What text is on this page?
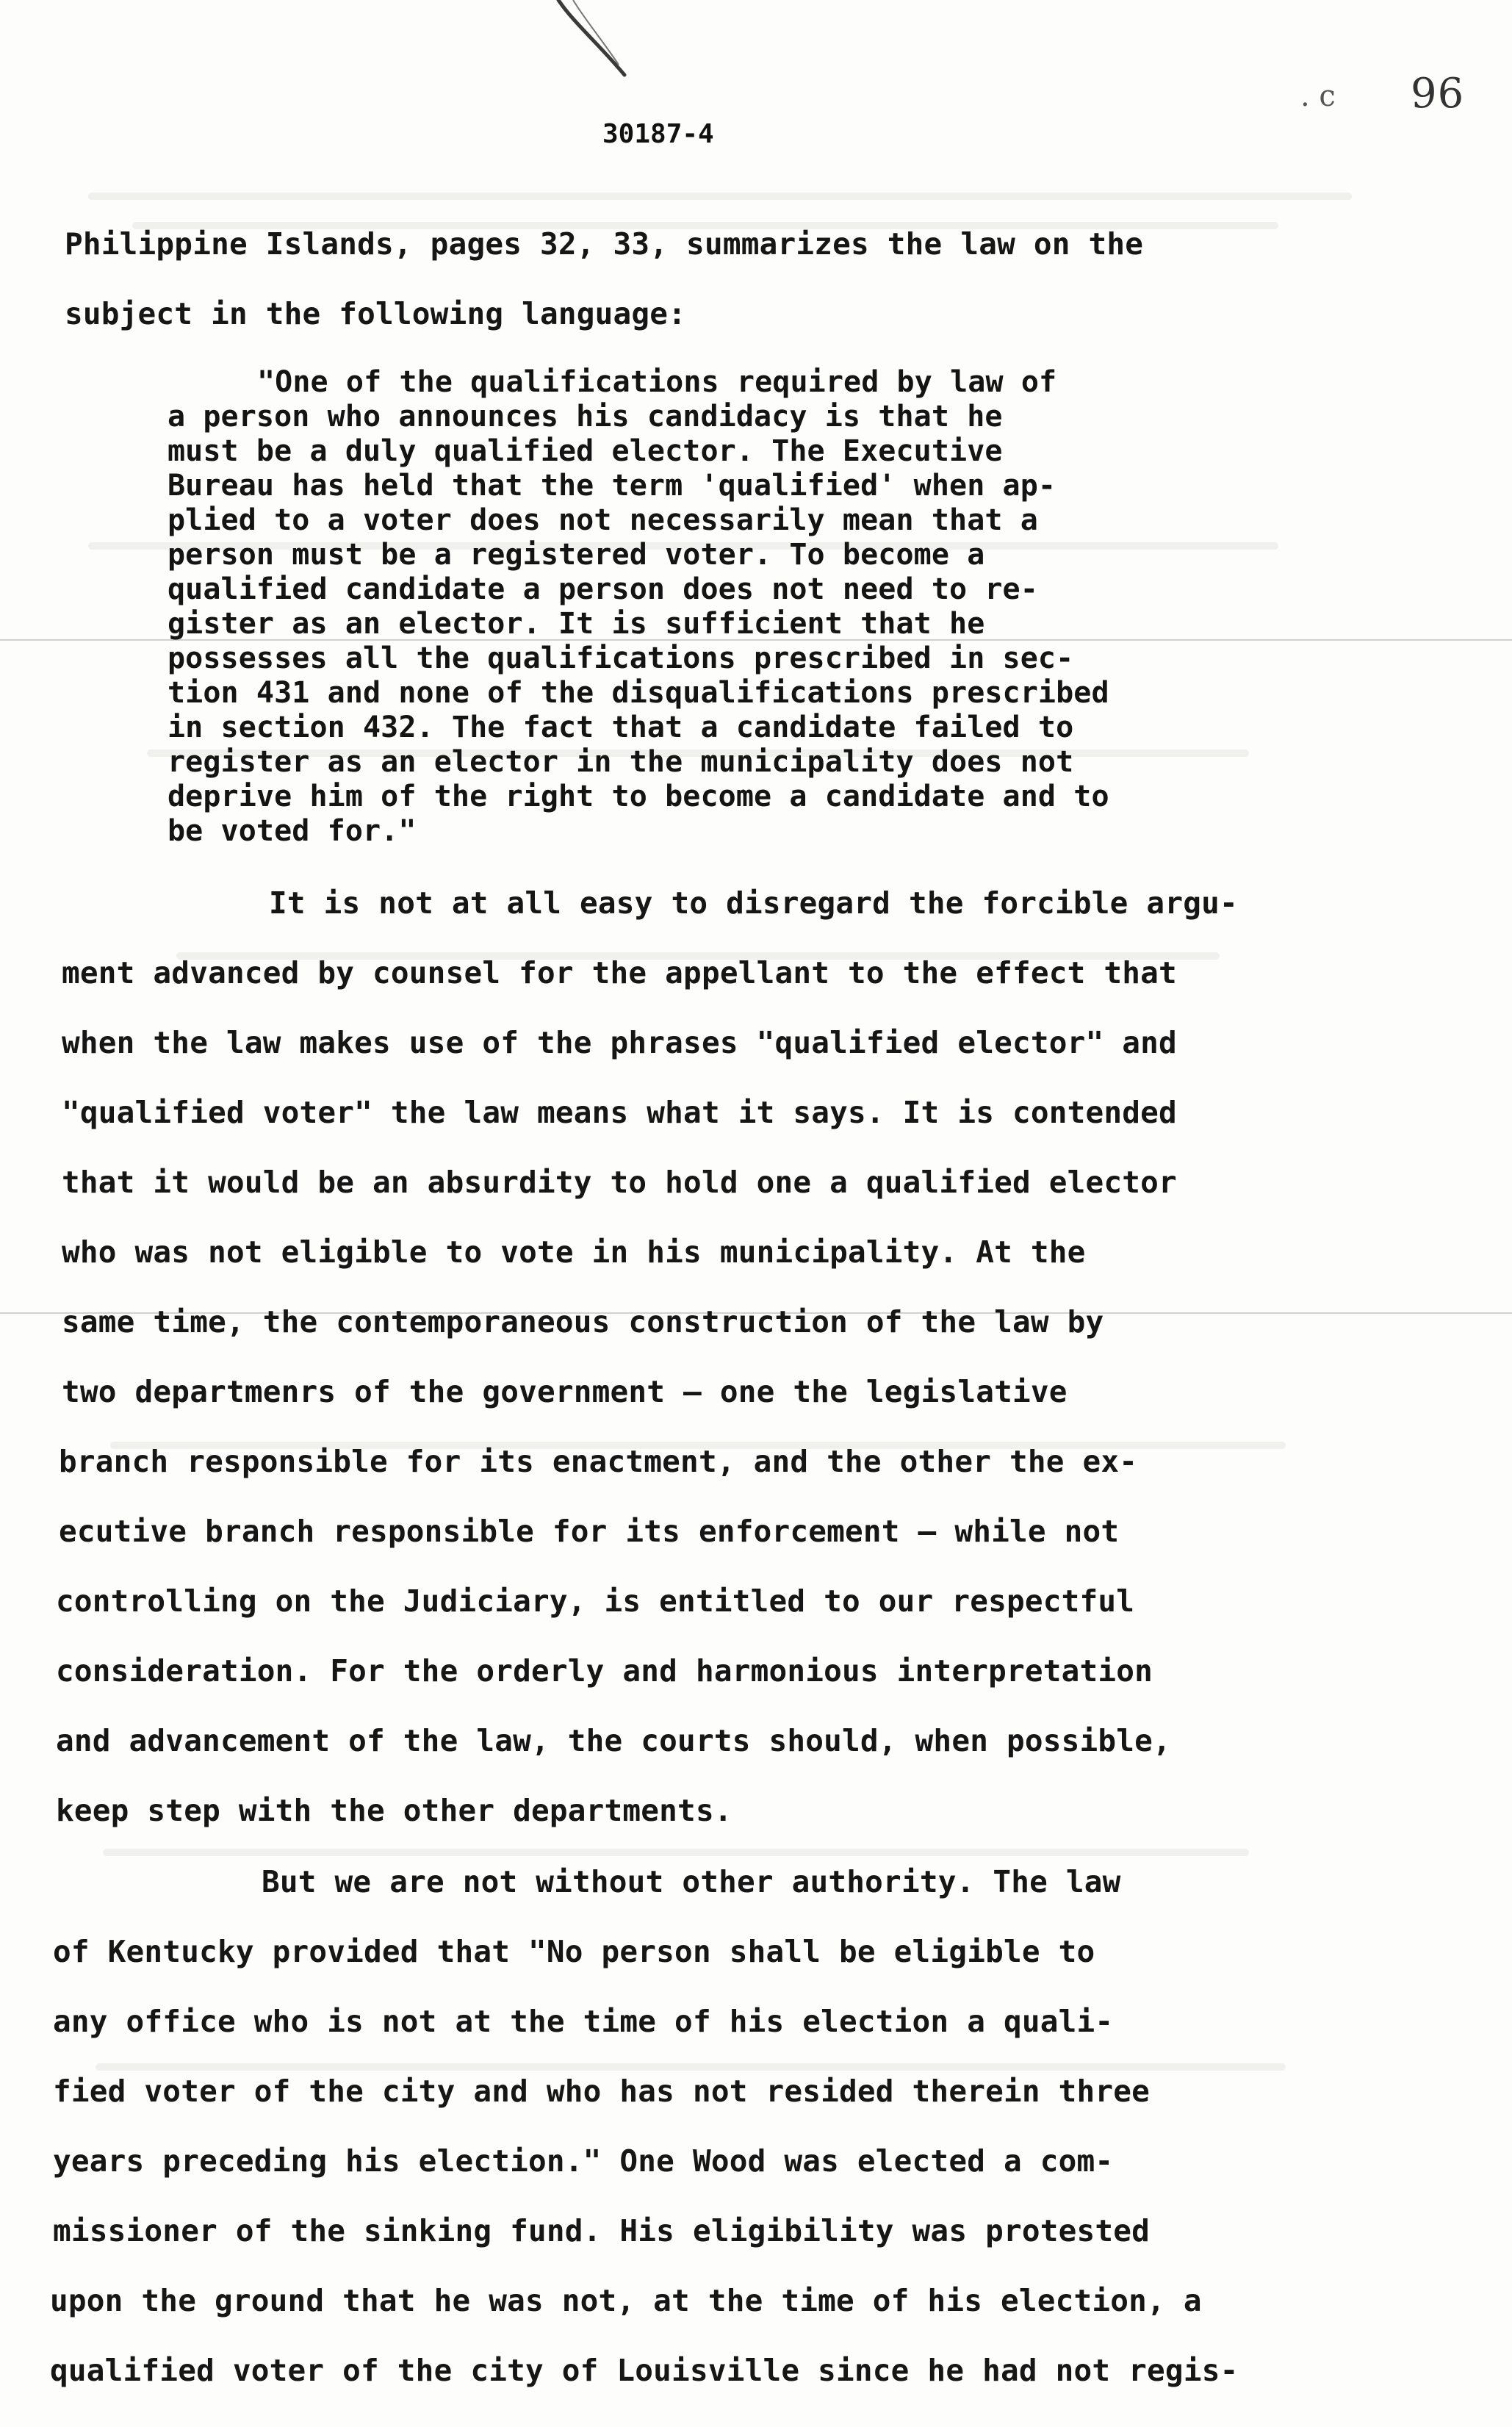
. c 96
30187-4
Philippine Islands, pages 32, 33, summarizes the law on the
subject in the following language:
"One of the qualifications required by law of
a person who announces his candidacy is that he
must be a duly qualified elector. The Executive
Bureau has held that the term 'qualified' when ap-
plied to a voter does not necessarily mean that a
person must be a registered voter. To become a
qualified candidate a person does not need to re-
gister as an elector. It is sufficient that he
possesses all the qualifications prescribed in sec-
tion 431 and none of the disqualifications prescribed
in section 432. The fact that a candidate failed to
register as an elector in the municipality does not
deprive him of the right to become a candidate and to
be voted for."
It is not at all easy to disregard the forcible argu-
ment advanced by counsel for the appellant to the effect that
when the law makes use of the phrases "qualified elector" and
"qualified voter" the law means what it says. It is contended
that it would be an absurdity to hold one a qualified elector
who was not eligible to vote in his municipality. At the
same time, the contemporaneous construction of the law by
two departmenrs of the government — one the legislative
branch responsible for its enactment, and the other the ex-
ecutive branch responsible for its enforcement — while not
controlling on the Judiciary, is entitled to our respectful
consideration. For the orderly and harmonious interpretation
and advancement of the law, the courts should, when possible,
keep step with the other departments.
But we are not without other authority. The law
of Kentucky provided that "No person shall be eligible to
any office who is not at the time of his election a quali-
fied voter of the city and who has not resided therein three
years preceding his election." One Wood was elected a com-
missioner of the sinking fund. His eligibility was protested
upon the ground that he was not, at the time of his election, a
qualified voter of the city of Louisville since he had not regis-
